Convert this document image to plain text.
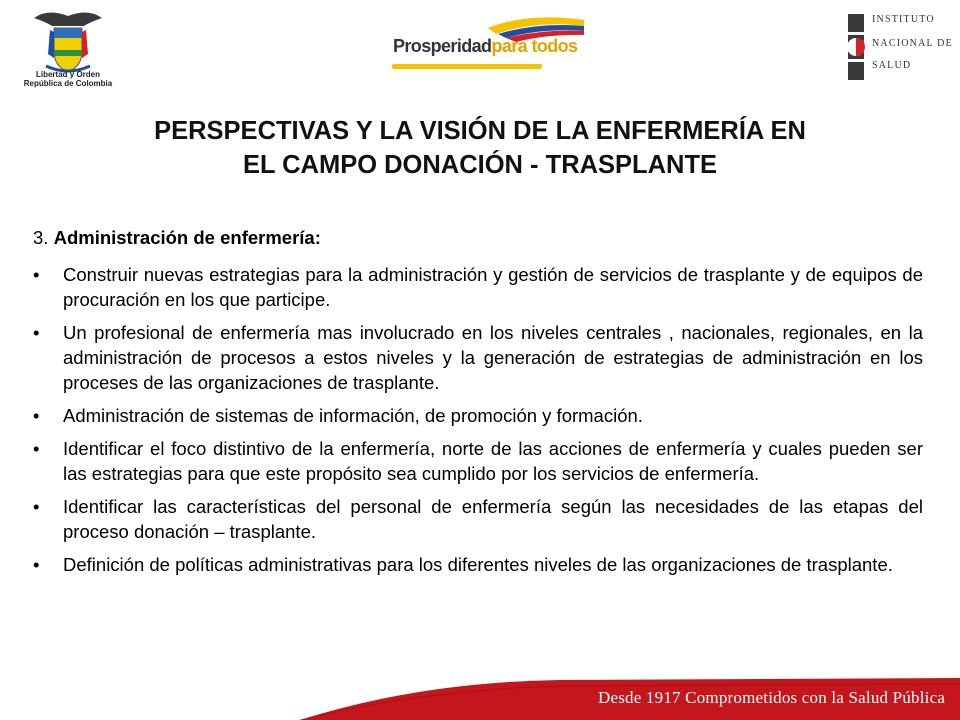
Libertad y Orden
República de Colombia
Prosperidadpara todos
INSTITUTO
NACIONAL DE
SALUD
PERSPECTIVAS Y LA VISIÓN DE LA ENFERMERÍA EN
EL CAMPO DONACIÓN - TRASPLANTE
3. Administración de enfermería:
• Construir nuevas estrategias para la administración y gestión de servicios de trasplante y de equipos de procuración en los que participe.
• Un profesional de enfermería mas involucrado en los niveles centrales , nacionales, regionales, en la administración de procesos a estos niveles y la generación de estrategias de administración en los proceses de las organizaciones de trasplante.
• Administración de sistemas de información, de promoción y formación.
• Identificar el foco distintivo de la enfermería, norte de las acciones de enfermería y cuales pueden ser las estrategias para que este propósito sea cumplido por los servicios de enfermería.
• Identificar las características del personal de enfermería según las necesidades de las etapas del proceso donación – trasplante.
• Definición de políticas administrativas para los diferentes niveles de las organizaciones de trasplante.
Desde 1917 Comprometidos con la Salud Pública
